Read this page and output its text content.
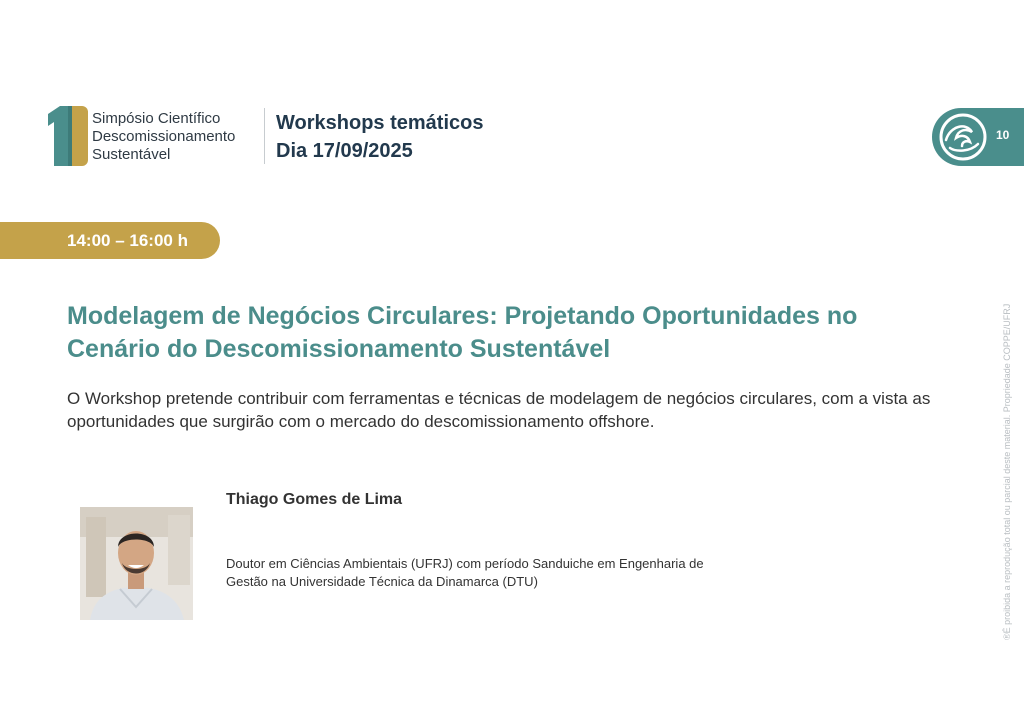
Simpósio Científico
Descomissionamento
Sustentável
Workshops temáticos
Dia 17/09/2025
10
14:00 – 16:00 h
Modelagem de Negócios Circulares: Projetando Oportunidades no Cenário do Descomissionamento Sustentável

O Workshop pretende contribuir com ferramentas e técnicas de modelagem de negócios circulares, com a vista as oportunidades que surgirão com o mercado do descomissionamento offshore.

Thiago Gomes de Lima

Doutor em Ciências Ambientais (UFRJ) com período Sanduiche em Engenharia de Gestão na Universidade Técnica da Dinamarca (DTU)	®É proibida a reprodução total ou parcial deste material. Propriedade COPPE/UFRJ
